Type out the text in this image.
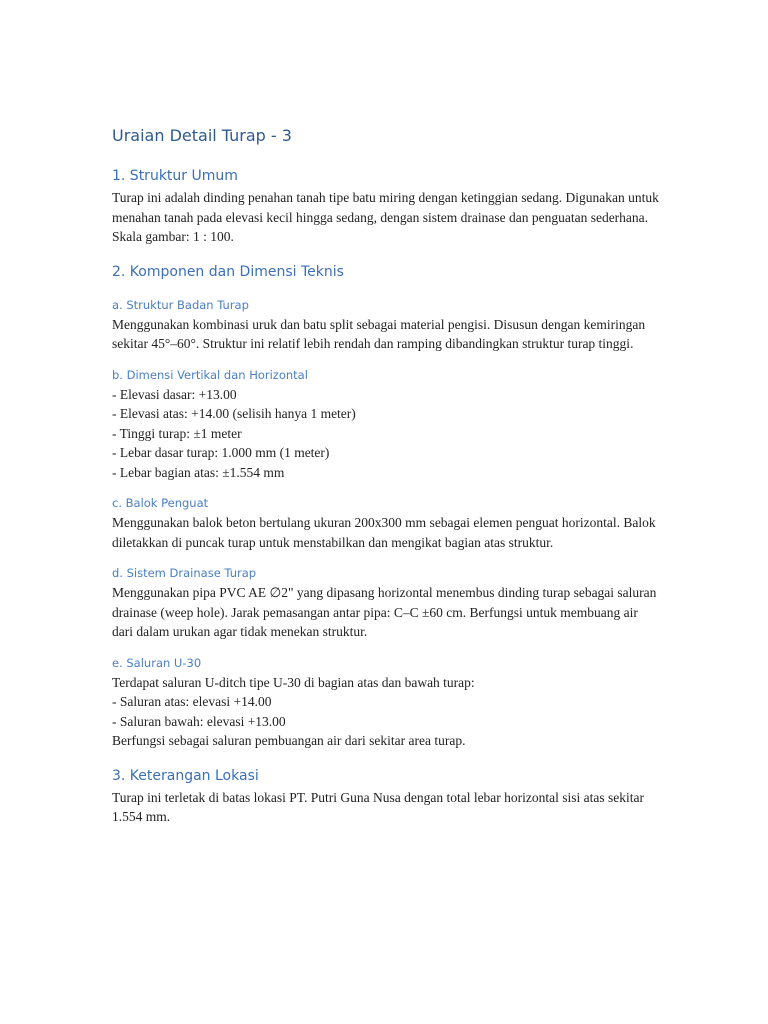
Uraian Detail Turap - 3
1. Struktur Umum

Turap ini adalah dinding penahan tanah tipe batu miring dengan ketinggian sedang. Digunakan untuk menahan tanah pada elevasi kecil hingga sedang, dengan sistem drainase dan penguatan sederhana. Skala gambar: 1 : 100.

2. Komponen dan Dimensi Teknis
a. Struktur Badan Turap

Menggunakan kombinasi uruk dan batu split sebagai material pengisi. Disusun dengan kemiringan sekitar 45°–60°. Struktur ini relatif lebih rendah dan ramping dibandingkan struktur turap tinggi.

b. Dimensi Vertikal dan Horizontal

- Elevasi dasar: +13.00

- Elevasi atas: +14.00 (selisih hanya 1 meter)

- Tinggi turap: ±1 meter

- Lebar dasar turap: 1.000 mm (1 meter)

- Lebar bagian atas: ±1.554 mm

c. Balok Penguat

Menggunakan balok beton bertulang ukuran 200x300 mm sebagai elemen penguat horizontal. Balok diletakkan di puncak turap untuk menstabilkan dan mengikat bagian atas struktur.

d. Sistem Drainase Turap

Menggunakan pipa PVC AE ∅2" yang dipasang horizontal menembus dinding turap sebagai saluran drainase (weep hole). Jarak pemasangan antar pipa: C–C ±60 cm. Berfungsi untuk membuang air dari dalam urukan agar tidak menekan struktur.

e. Saluran U-30

Terdapat saluran U-ditch tipe U-30 di bagian atas dan bawah turap:

- Saluran atas: elevasi +14.00

- Saluran bawah: elevasi +13.00

Berfungsi sebagai saluran pembuangan air dari sekitar area turap.

3. Keterangan Lokasi

Turap ini terletak di batas lokasi PT. Putri Guna Nusa dengan total lebar horizontal sisi atas sekitar 1.554 mm.
